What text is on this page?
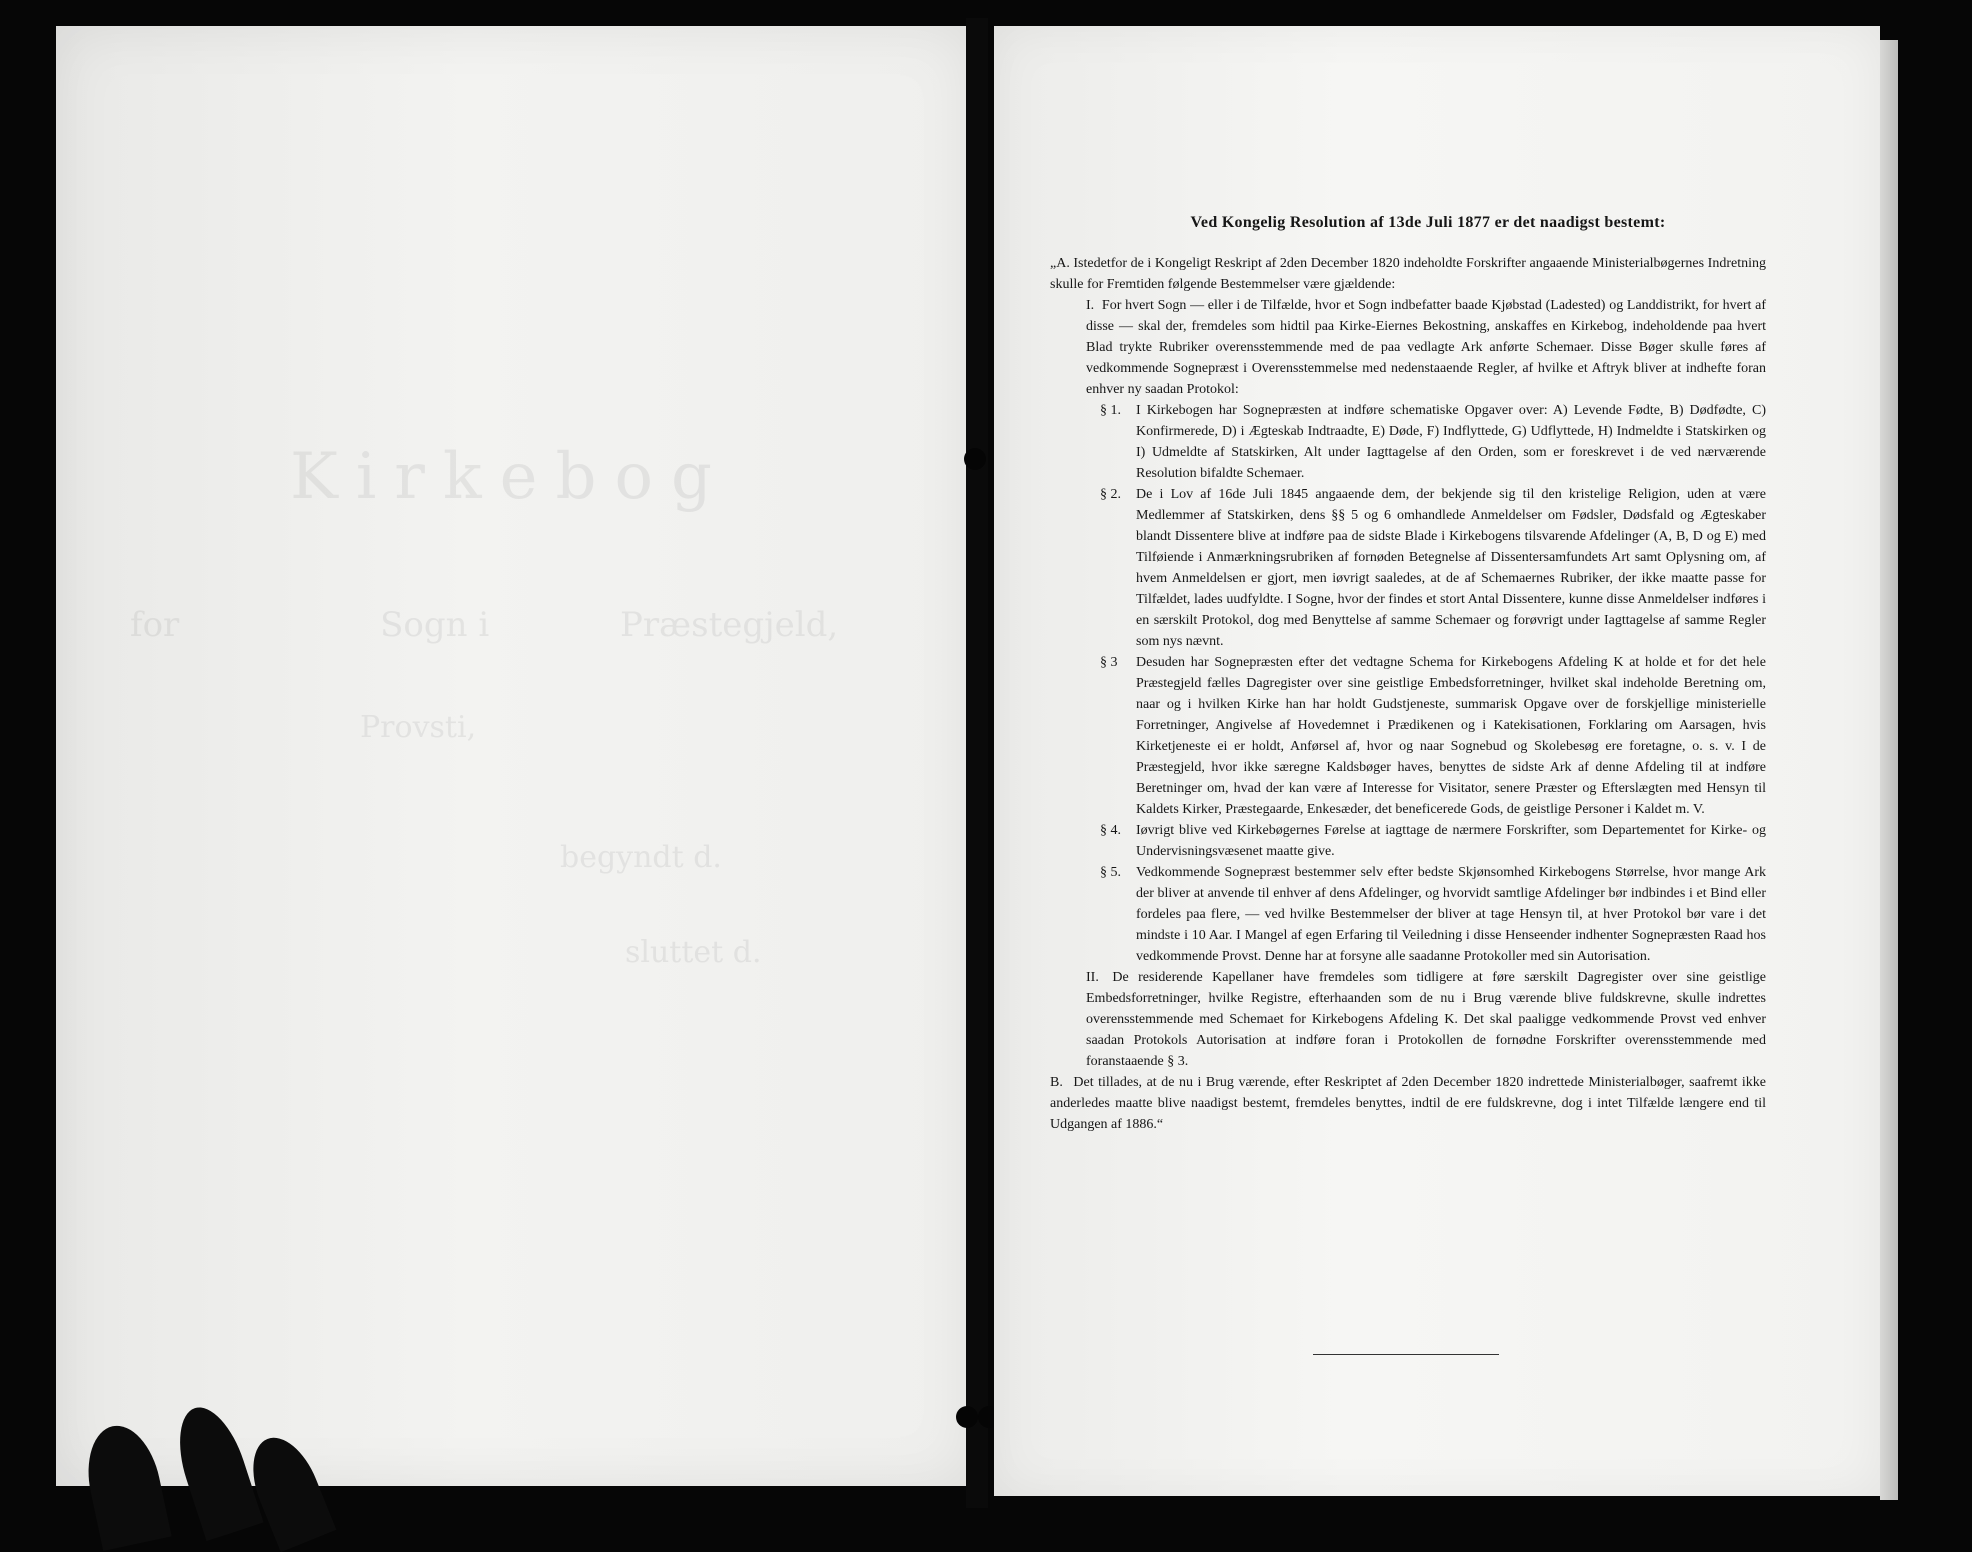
Kirkebog
for	Sogn i	Præstegjeld,
Provsti,
begyndt d.
sluttet d.
Ved Kongelig Resolution af 13de Juli 1877 er det naadigst bestemt:

„A. Istedetfor de i Kongeligt Reskript af 2den December 1820 indeholdte Forskrifter angaaende Ministerialbøgernes Indretning skulle for Fremtiden følgende Bestemmelser være gjældende:

I. For hvert Sogn — eller i de Tilfælde, hvor et Sogn indbefatter baade Kjøbstad (Ladested) og Landdistrikt, for hvert af disse — skal der, fremdeles som hidtil paa Kirke-Eiernes Bekostning, anskaffes en Kirkebog, indeholdende paa hvert Blad trykte Rubriker overensstemmende med de paa vedlagte Ark anførte Schemaer. Disse Bøger skulle føres af vedkommende Sognepræst i Overensstemmelse med nedenstaaende Regler, af hvilke et Aftryk bliver at indhefte foran enhver ny saadan Protokol:

§ 1. I Kirkebogen har Sognepræsten at indføre schematiske Opgaver over: A) Levende Fødte, B) Dødfødte, C) Konfirmerede, D) i Ægteskab Indtraadte, E) Døde, F) Indflyttede, G) Udflyttede, H) Indmeldte i Statskirken og I) Udmeldte af Statskirken, Alt under Iagttagelse af den Orden, som er foreskrevet i de ved nærværende Resolution bifaldte Schemaer.

§ 2. De i Lov af 16de Juli 1845 angaaende dem, der bekjende sig til den kristelige Religion, uden at være Medlemmer af Statskirken, dens §§ 5 og 6 omhandlede Anmeldelser om Fødsler, Dødsfald og Ægteskaber blandt Dissentere blive at indføre paa de sidste Blade i Kirkebogens tilsvarende Afdelinger (A, B, D og E) med Tilføiende i Anmærkningsrubriken af fornøden Betegnelse af Dissentersamfundets Art samt Oplysning om, af hvem Anmeldelsen er gjort, men iøvrigt saaledes, at de af Schemaernes Rubriker, der ikke maatte passe for Tilfældet, lades uudfyldte. I Sogne, hvor der findes et stort Antal Dissentere, kunne disse Anmeldelser indføres i en særskilt Protokol, dog med Benyttelse af samme Schemaer og forøvrigt under Iagttagelse af samme Regler som nys nævnt.

§ 3 Desuden har Sognepræsten efter det vedtagne Schema for Kirkebogens Afdeling K at holde et for det hele Præstegjeld fælles Dagregister over sine geistlige Embedsforretninger, hvilket skal indeholde Beretning om, naar og i hvilken Kirke han har holdt Gudstjeneste, summarisk Opgave over de forskjellige ministerielle Forretninger, Angivelse af Hovedemnet i Prædikenen og i Katekisationen, Forklaring om Aarsagen, hvis Kirketjeneste ei er holdt, Anførsel af, hvor og naar Sognebud og Skolebesøg ere foretagne, o. s. v. I de Præstegjeld, hvor ikke særegne Kaldsbøger haves, benyttes de sidste Ark af denne Afdeling til at indføre Beretninger om, hvad der kan være af Interesse for Visitator, senere Præster og Efterslægten med Hensyn til Kaldets Kirker, Præstegaarde, Enkesæder, det beneficerede Gods, de geistlige Personer i Kaldet m. V.

§ 4. Iøvrigt blive ved Kirkebøgernes Førelse at iagttage de nærmere Forskrifter, som Departementet for Kirke- og Undervisningsvæsenet maatte give.

§ 5. Vedkommende Sognepræst bestemmer selv efter bedste Skjønsomhed Kirkebogens Størrelse, hvor mange Ark der bliver at anvende til enhver af dens Afdelinger, og hvorvidt samtlige Afdelinger bør indbindes i et Bind eller fordeles paa flere, — ved hvilke Bestemmelser der bliver at tage Hensyn til, at hver Protokol bør vare i det mindste i 10 Aar. I Mangel af egen Erfaring til Veiledning i disse Henseender indhenter Sognepræsten Raad hos vedkommende Provst. Denne har at forsyne alle saadanne Protokoller med sin Autorisation.

II. De residerende Kapellaner have fremdeles som tidligere at føre særskilt Dagregister over sine geistlige Embedsforretninger, hvilke Registre, efterhaanden som de nu i Brug værende blive fuldskrevne, skulle indrettes overensstemmende med Schemaet for Kirkebogens Afdeling K. Det skal paaligge vedkommende Provst ved enhver saadan Protokols Autorisation at indføre foran i Protokollen de fornødne Forskrifter overensstemmende med foranstaaende § 3.

B. Det tillades, at de nu i Brug værende, efter Reskriptet af 2den December 1820 indrettede Ministerialbøger, saafremt ikke anderledes maatte blive naadigst bestemt, fremdeles benyttes, indtil de ere fuldskrevne, dog i intet Tilfælde længere end til Udgangen af 1886.“
